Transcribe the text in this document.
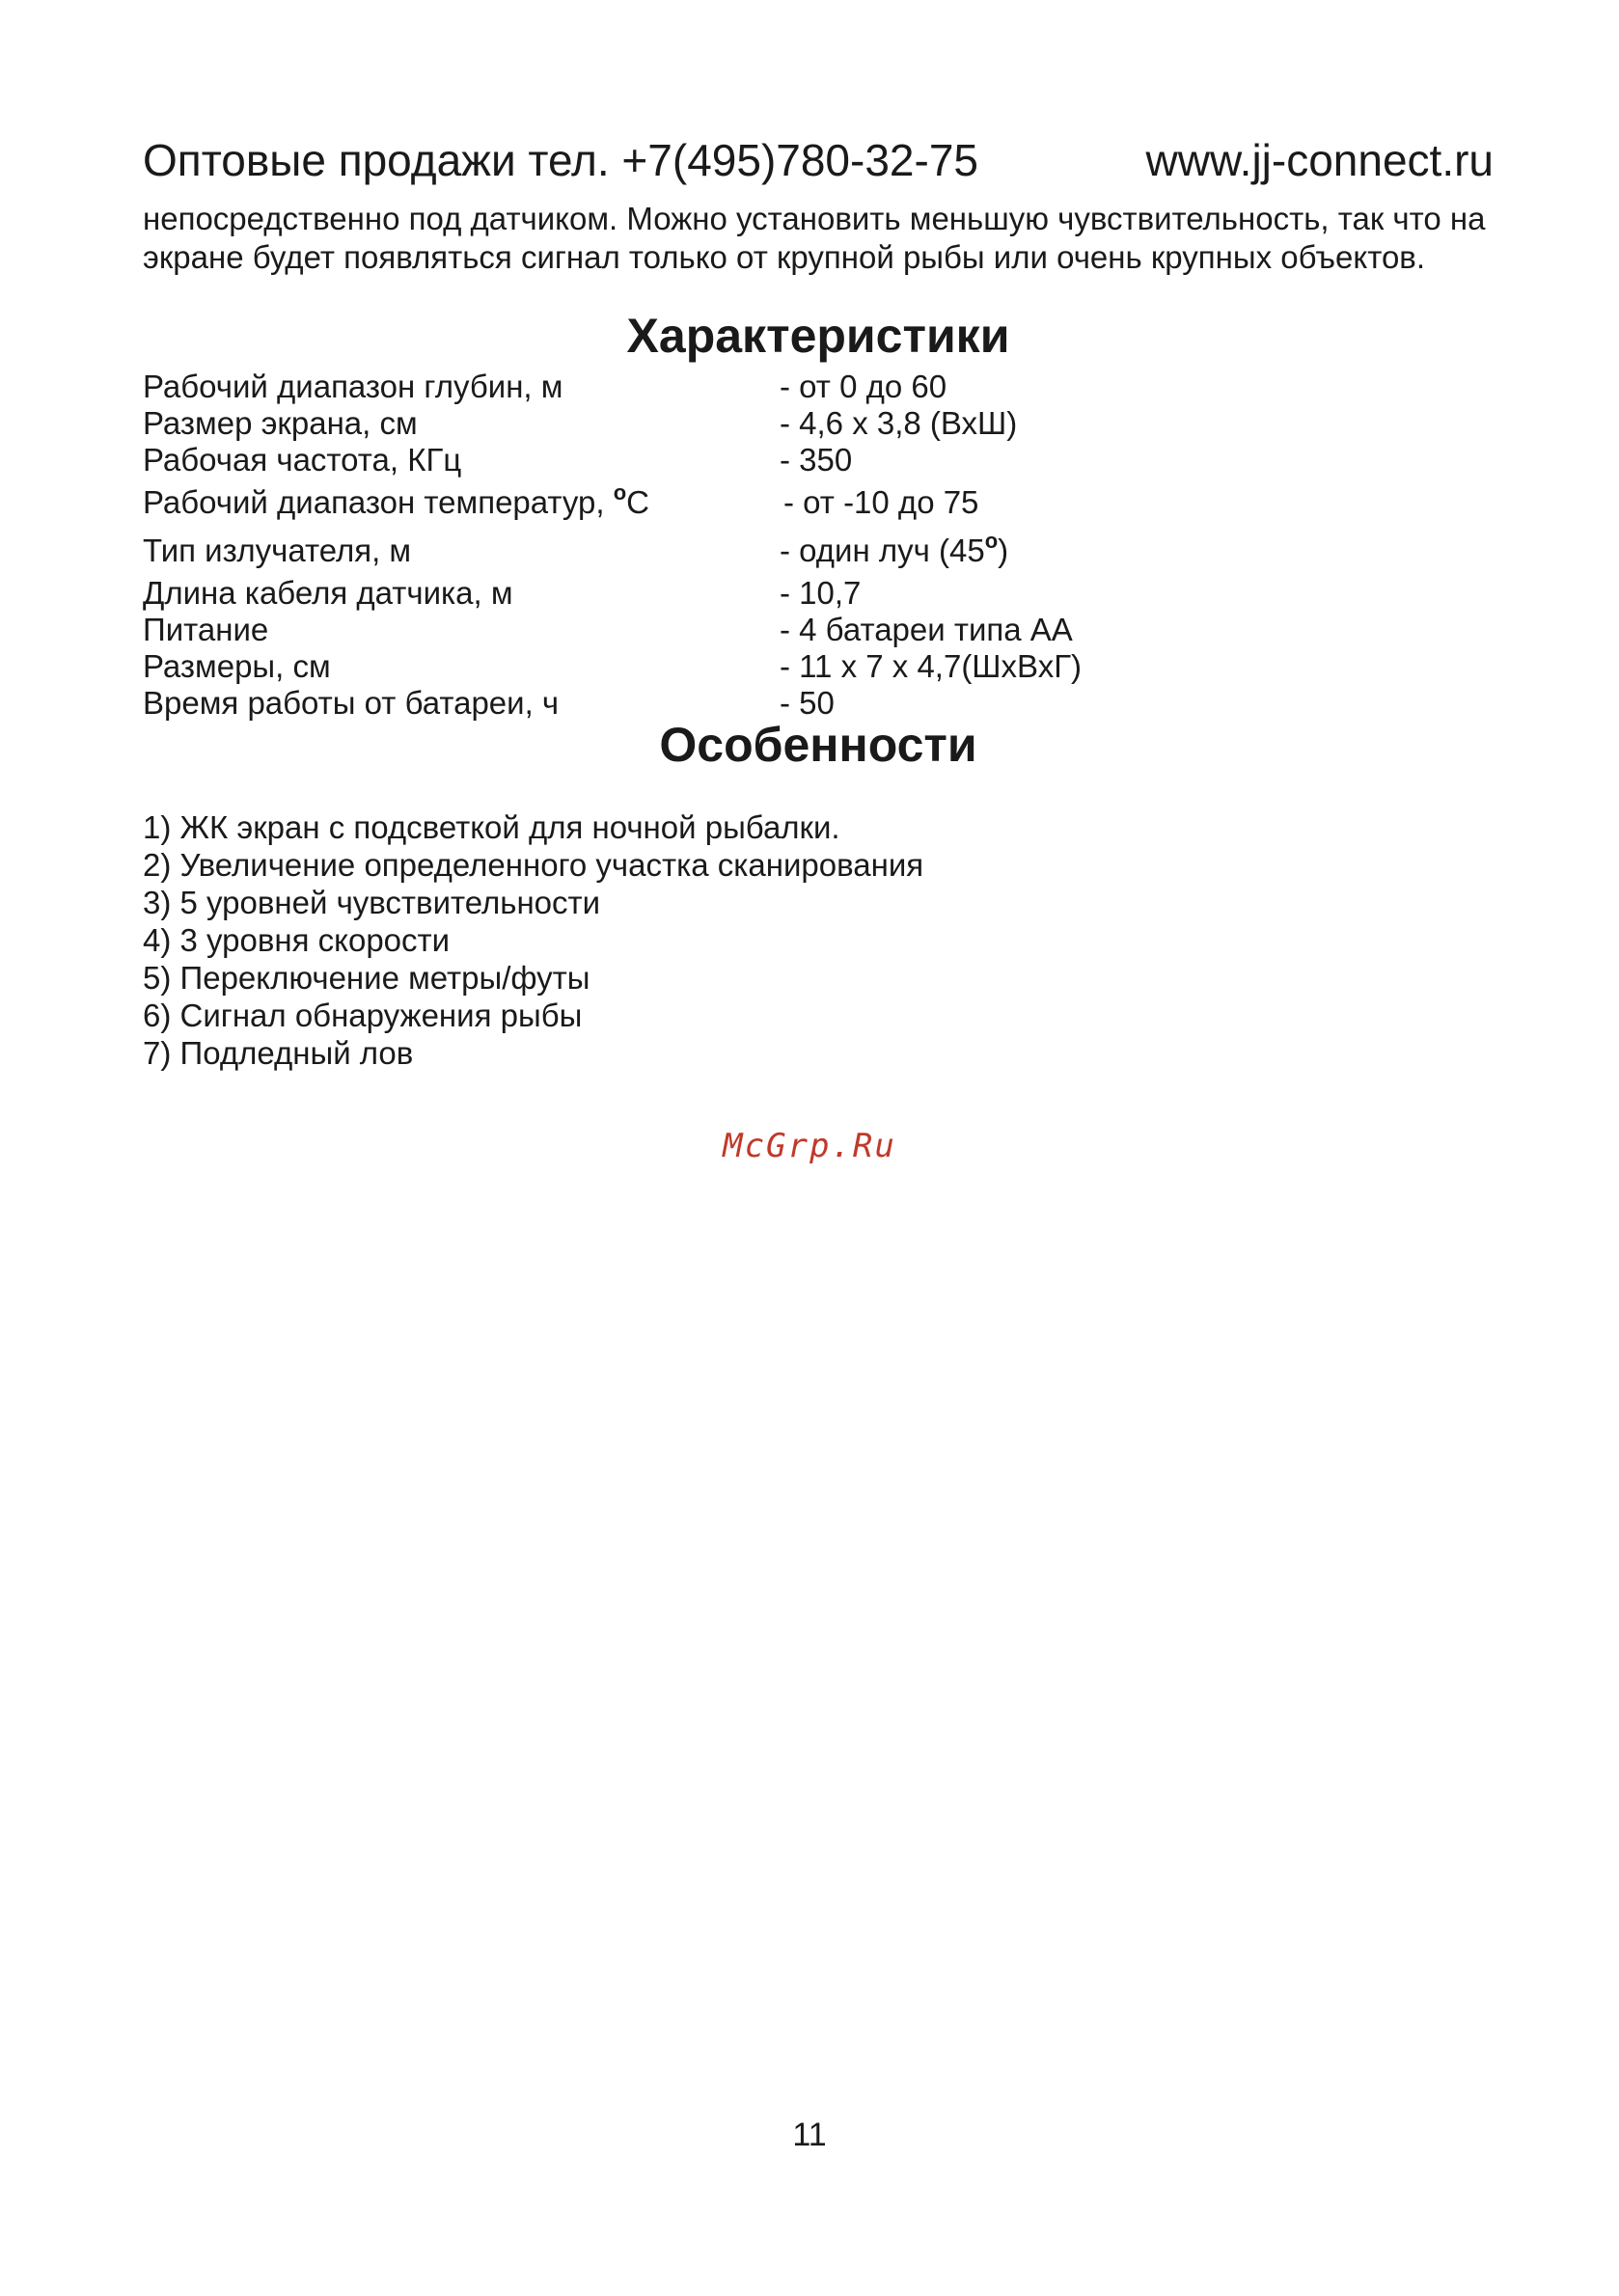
Оптовые продажи тел. +7(495)780-32-75	www.jj-connect.ru
непосредственно под датчиком. Можно установить меньшую чувствительность, так что на экране будет появляться сигнал только от крупной рыбы или очень крупных объектов.
Характеристики
Рабочий диапазон глубин, м	- от 0 до 60
Размер экрана, см	- 4,6 х 3,8 (ВхШ)
Рабочая частота, КГц	- 350
Рабочий диапазон температур, $^o$С	- от -10 до 75
Тип излучателя, м	- один луч (45$^o$)
Длина кабеля датчика, м	- 10,7
Питание	- 4 батареи типа АА
Размеры, см	- 11 х 7 х 4,7(ШхВхГ)
Время работы от батареи, ч	- 50
Особенности
1) ЖК экран с подсветкой для ночной рыбалки.
2) Увеличение определенного участка сканирования
3) 5 уровней чувствительности
4) 3 уровня скорости
5) Переключение метры/футы
6) Сигнал обнаружения рыбы
7) Подледный лов
McGrp.Ru
11
